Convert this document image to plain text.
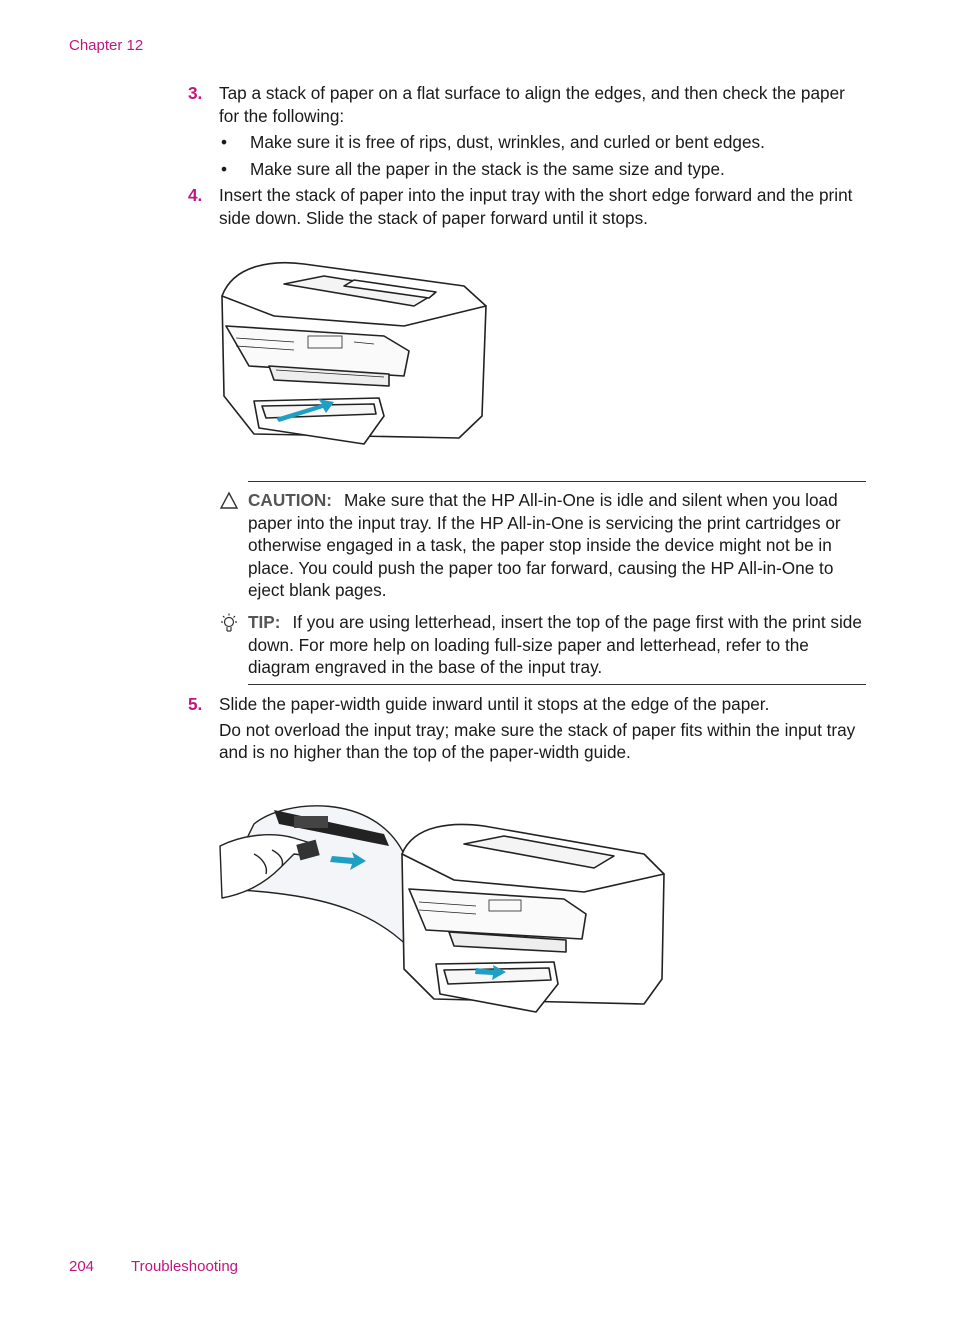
Chapter 12
3. Tap a stack of paper on a flat surface to align the edges, and then check the paper for the following:
• Make sure it is free of rips, dust, wrinkles, and curled or bent edges.
• Make sure all the paper in the stack is the same size and type.
4. Insert the stack of paper into the input tray with the short edge forward and the print side down. Slide the stack of paper forward until it stops.
CAUTION: Make sure that the HP All-in-One is idle and silent when you load paper into the input tray. If the HP All-in-One is servicing the print cartridges or otherwise engaged in a task, the paper stop inside the device might not be in place. You could push the paper too far forward, causing the HP All-in-One to eject blank pages.
TIP: If you are using letterhead, insert the top of the page first with the print side down. For more help on loading full-size paper and letterhead, refer to the diagram engraved in the base of the input tray.
5. Slide the paper-width guide inward until it stops at the edge of the paper.
Do not overload the input tray; make sure the stack of paper fits within the input tray and is no higher than the top of the paper-width guide.
204 Troubleshooting
